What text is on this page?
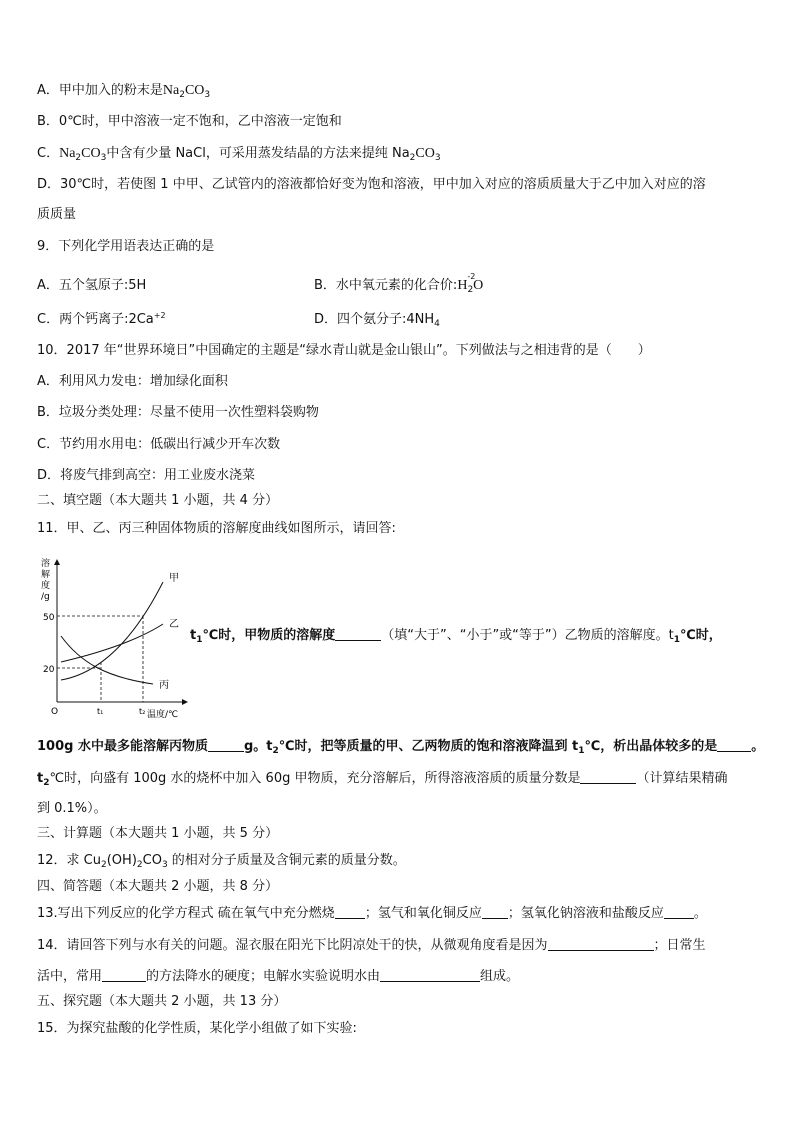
A．甲中加入的粉末是$Na_2CO_3$
B．0℃时，甲中溶液一定不饱和，乙中溶液一定饱和
C．$Na_2CO_3$中含有少量 NaCl，可采用蒸发结晶的方法来提纯 $Na_2CO_3$
D．30℃时，若使图 1 中甲、乙试管内的溶液都恰好变为饱和溶液，甲中加入对应的溶质质量大于乙中加入对应的溶
质质量
9．下列化学用语表达正确的是
A．五个氢原子:5H	B．水中氧元素的化合价:
-2
$H_2O$
C．两个钙离子$:2Ca^{+2}$	D．四个氨分子$:4NH_4$
10．2017 年“世界环境日”中国确定的主题是“绿水青山就是金山银山”。下列做法与之相违背的是（　　）
A．利用风力发电：增加绿化面积
B．垃圾分类处理：尽量不使用一次性塑料袋购物
C．节约用水用电：低碳出行减少开车次数
D．将废气排到高空：用工业废水浇菜
二、填空题（本大题共 1 小题，共 4 分）
11．甲、乙、丙三种固体物质的溶解度曲线如图所示，请回答:
溶
解
度
/g
50
20
O	t₁	t₂ 温度/℃
甲
乙
丙
$t_1℃$时，甲物质的溶解度	（填“大于”、“小于”或“等于”）乙物质的溶解度。$t_1℃$时，
100g 水中最多能溶解丙物质	g。$t_2℃$时，把等质量的甲、乙两物质的饱和溶液降温到 $t_1℃$，析出晶体较多的是	。
$t_2℃$时，向盛有 100g 水的烧杯中加入 60g 甲物质，充分溶解后，所得溶液溶质的质量分数是	（计算结果精确
到 0.1%）。
三、计算题（本大题共 1 小题，共 5 分）
12．求 $Cu_2(OH)_2CO_3$ 的相对分子质量及含铜元素的质量分数。
四、简答题（本大题共 2 小题，共 8 分）
13.写出下列反应的化学方程式 硫在氧气中充分燃烧 ；氢气和氧化铜反应 ；氢氧化钠溶液和盐酸反应 。
14．请回答下列与水有关的问题。湿衣服在阳光下比阴凉处干的快，从微观角度看是因为	；日常生
活中，常用	的方法降水的硬度；电解水实验说明水由	组成。
五、探究题（本大题共 2 小题，共 13 分）
15．为探究盐酸的化学性质，某化学小组做了如下实验:
